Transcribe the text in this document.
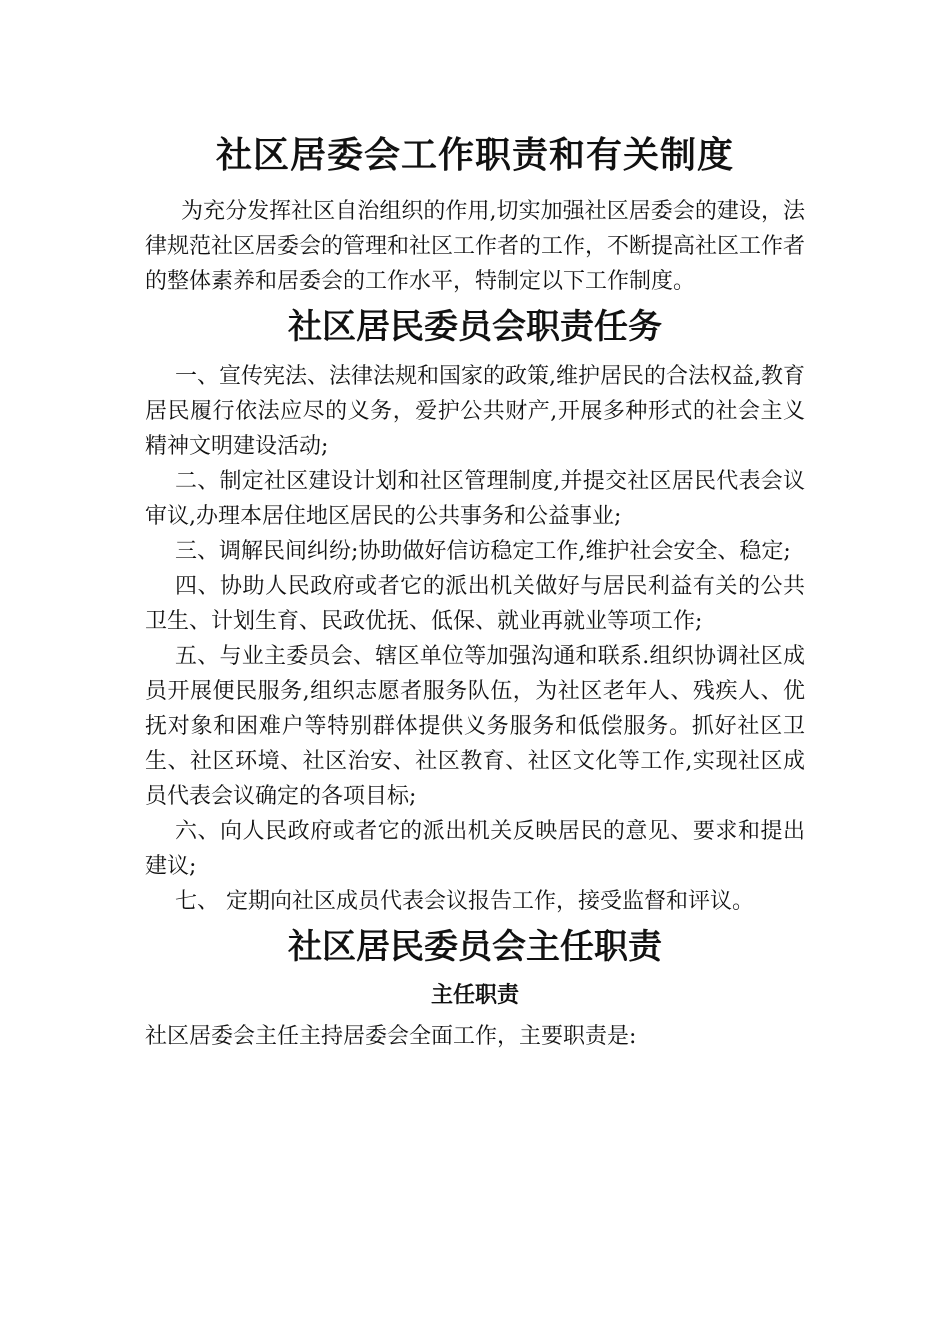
社区居委会工作职责和有关制度

为充分发挥社区自治组织的作用,切实加强社区居委会的建设，法律规范社区居委会的管理和社区工作者的工作，不断提高社区工作者的整体素养和居委会的工作水平，特制定以下工作制度。

社区居民委员会职责任务

一、宣传宪法、法律法规和国家的政策,维护居民的合法权益,教育居民履行依法应尽的义务，爱护公共财产,开展多种形式的社会主义精神文明建设活动;

二、制定社区建设计划和社区管理制度,并提交社区居民代表会议审议,办理本居住地区居民的公共事务和公益事业;

三、调解民间纠纷;协助做好信访稳定工作,维护社会安全、稳定;

四、协助人民政府或者它的派出机关做好与居民利益有关的公共卫生、计划生育、民政优抚、低保、就业再就业等项工作;

五、与业主委员会、辖区单位等加强沟通和联系.组织协调社区成员开展便民服务,组织志愿者服务队伍，为社区老年人、残疾人、优抚对象和困难户等特别群体提供义务服务和低偿服务。抓好社区卫生、社区环境、社区治安、社区教育、社区文化等工作,实现社区成员代表会议确定的各项目标;

六、向人民政府或者它的派出机关反映居民的意见、要求和提出建议;

七、 定期向社区成员代表会议报告工作，接受监督和评议。

社区居民委员会主任职责
主任职责

社区居委会主任主持居委会全面工作，主要职责是:
